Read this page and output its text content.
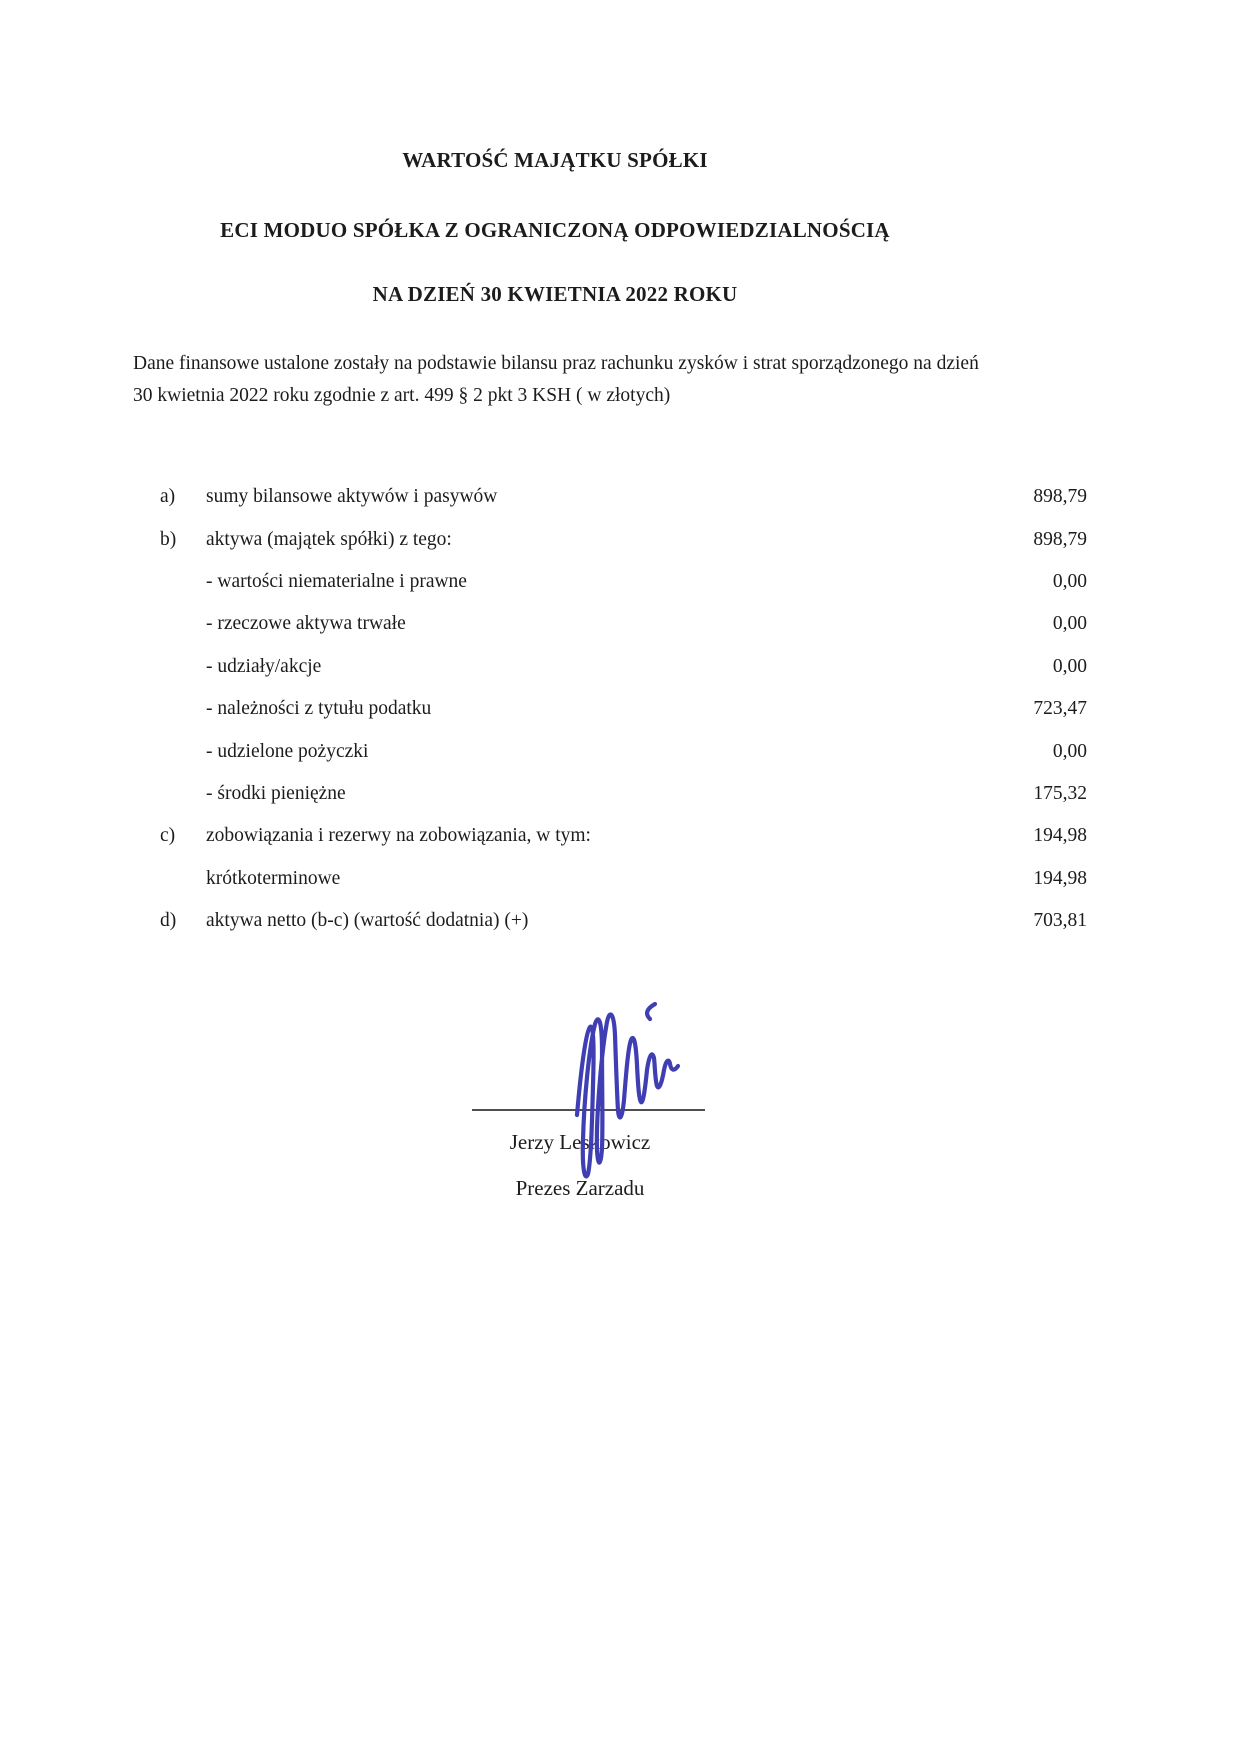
WARTOŚĆ MAJĄTKU SPÓŁKI
ECI MODUO SPÓŁKA Z OGRANICZONĄ ODPOWIEDZIALNOŚCIĄ
NA DZIEŃ 30 KWIETNIA 2022 ROKU
Dane finansowe ustalone zostały na podstawie bilansu praz rachunku zysków i strat sporządzonego na dzień 30 kwietnia 2022 roku zgodnie z art. 499 § 2 pkt 3 KSH ( w złotych)
a)	sumy bilansowe aktywów i pasywów	898,79
b)	aktywa (majątek spółki) z tego:	898,79
- wartości niematerialne i prawne	0,00
- rzeczowe aktywa trwałe	0,00
- udziały/akcje	0,00
- należności z tytułu podatku	723,47
- udzielone pożyczki	0,00
- środki pieniężne	175,32
c)	zobowiązania i rezerwy na zobowiązania, w tym:	194,98
krótkoterminowe	194,98
d)	aktywa netto (b-c) (wartość dodatnia) (+)	703,81
Jerzy Leskowicz
Prezes Zarzadu
